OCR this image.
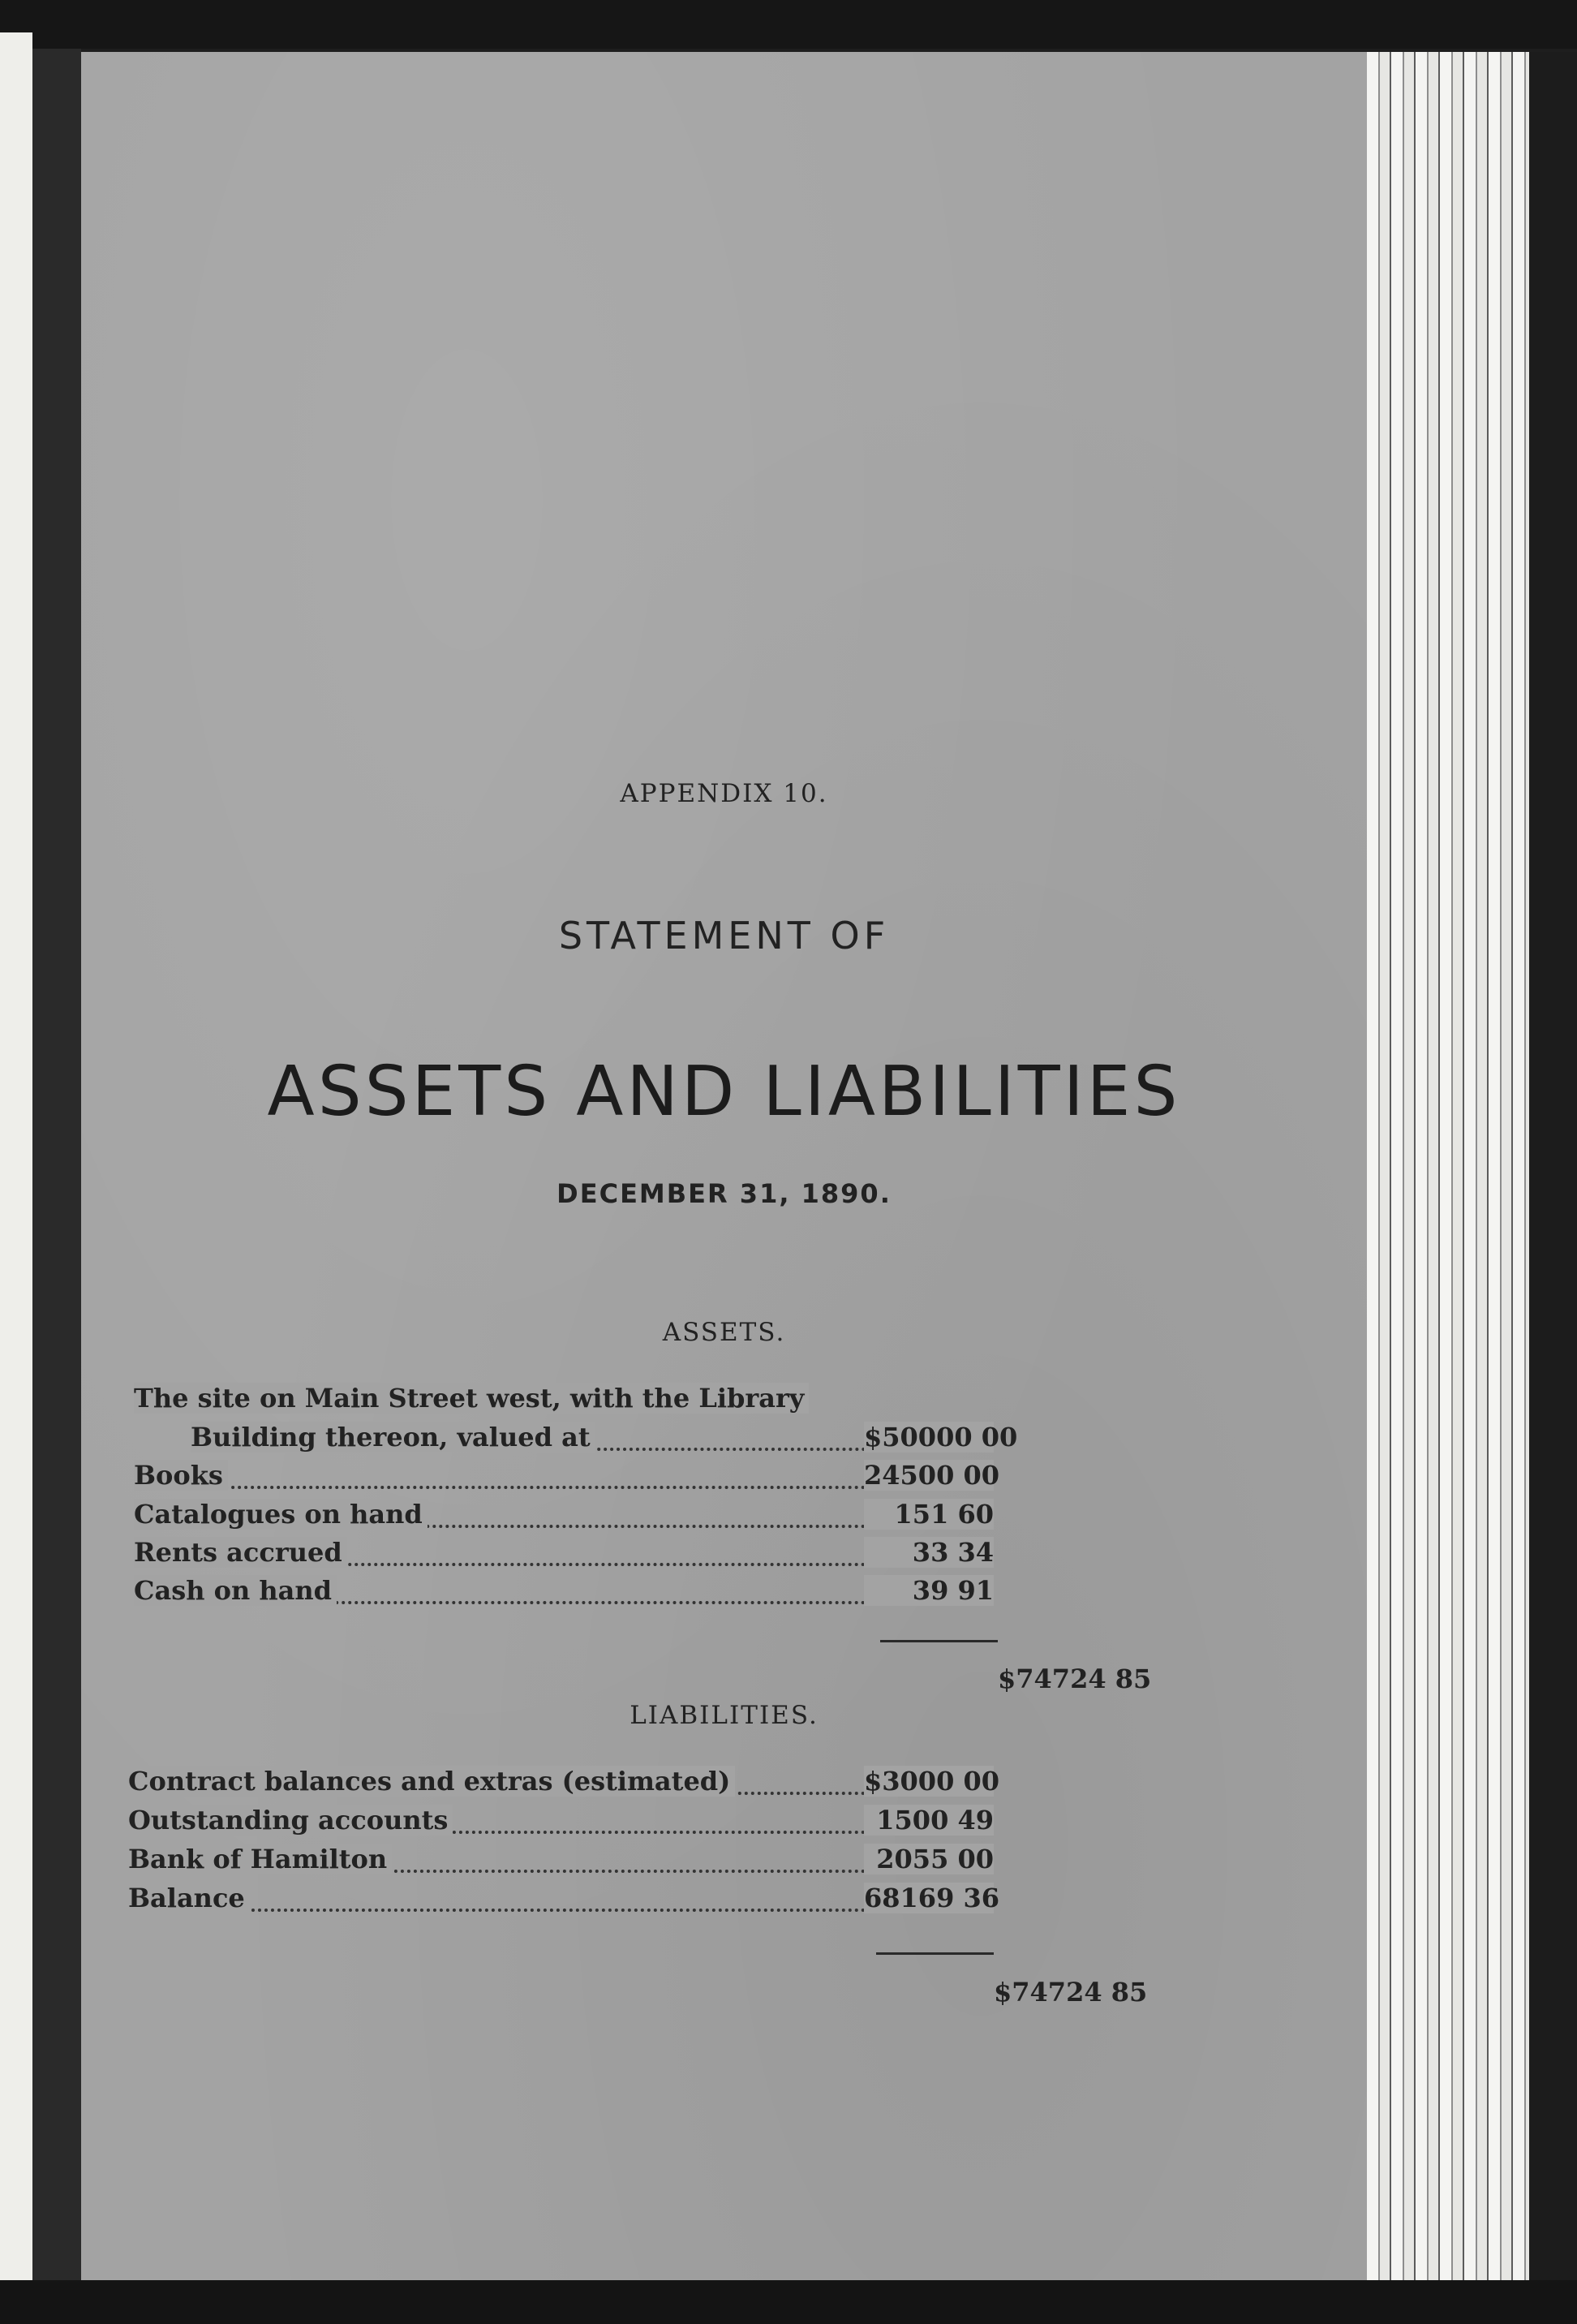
APPENDIX 10.
STATEMENT OF
ASSETS AND LIABILITIES
DECEMBER 31, 1890.
ASSETS.
The site on Main Street west, with the Library
Building thereon, valued at	$50000 00
Books	24500 00
Catalogues on hand	151 60
Rents accrued	33 34
Cash on hand	39 91
$74724 85
LIABILITIES.
Contract balances and extras (estimated)	$3000 00
Outstanding accounts	1500 49
Bank of Hamilton	2055 00
Balance	68169 36
$74724 85
